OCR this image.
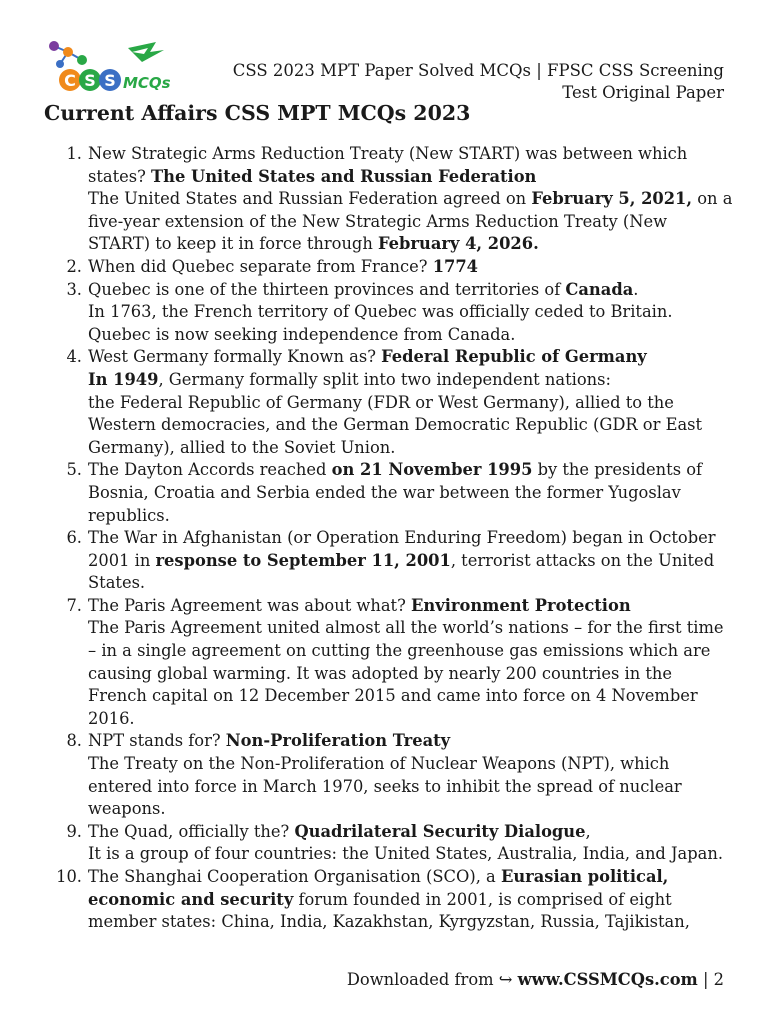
C S S MCQs
CSS 2023 MPT Paper Solved MCQs | FPSC CSS Screening
Test Original Paper
Current Affairs CSS MPT MCQs 2023
1. New Strategic Arms Reduction Treaty (New START) was between which states? The United States and Russian Federation
The United States and Russian Federation agreed on February 5, 2021, on a five-year extension of the New Strategic Arms Reduction Treaty (New START) to keep it in force through February 4, 2026.
2. When did Quebec separate from France? 1774
3. Quebec is one of the thirteen provinces and territories of Canada.
In 1763, the French territory of Quebec was officially ceded to Britain.
Quebec is now seeking independence from Canada.
4. West Germany formally Known as? Federal Republic of Germany
In 1949, Germany formally split into two independent nations:
the Federal Republic of Germany (FDR or West Germany), allied to the Western democracies, and the German Democratic Republic (GDR or East Germany), allied to the Soviet Union.
5. The Dayton Accords reached on 21 November 1995 by the presidents of Bosnia, Croatia and Serbia ended the war between the former Yugoslav republics.
6. The War in Afghanistan (or Operation Enduring Freedom) began in October 2001 in response to September 11, 2001, terrorist attacks on the United States.
7. The Paris Agreement was about what? Environment Protection
The Paris Agreement united almost all the world’s nations – for the first time – in a single agreement on cutting the greenhouse gas emissions which are causing global warming. It was adopted by nearly 200 countries in the French capital on 12 December 2015 and came into force on 4 November 2016.
8. NPT stands for? Non-Proliferation Treaty
The Treaty on the Non-Proliferation of Nuclear Weapons (NPT), which entered into force in March 1970, seeks to inhibit the spread of nuclear weapons.
9. The Quad, officially the? Quadrilateral Security Dialogue,
It is a group of four countries: the United States, Australia, India, and Japan.
10. The Shanghai Cooperation Organisation (SCO), a Eurasian political, economic and security forum founded in 2001, is comprised of eight member states: China, India, Kazakhstan, Kyrgyzstan, Russia, Tajikistan,
Downloaded from ↪ www.CSSMCQs.com | 2
